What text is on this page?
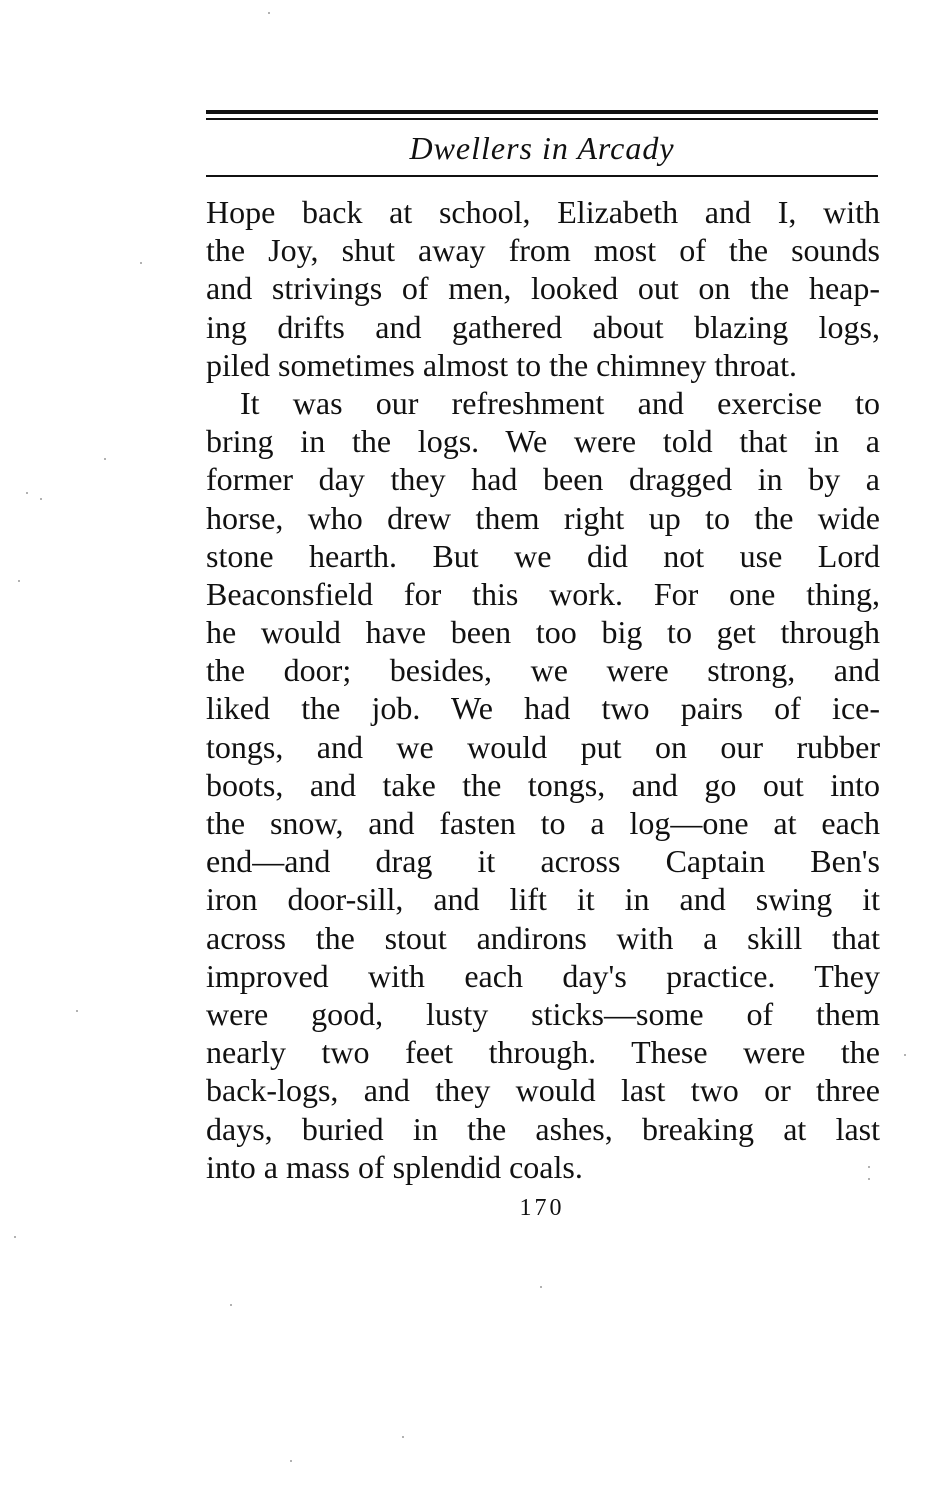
Dwellers in Arcady
Hope back at school, Elizabeth and I, with
the Joy, shut away from most of the sounds
and strivings of men, looked out on the heap-
ing drifts and gathered about blazing logs,
piled sometimes almost to the chimney throat.
It was our refreshment and exercise to
bring in the logs. We were told that in a
former day they had been dragged in by a
horse, who drew them right up to the wide
stone hearth. But we did not use Lord
Beaconsfield for this work. For one thing,
he would have been too big to get through
the door; besides, we were strong, and
liked the job. We had two pairs of ice-
tongs, and we would put on our rubber
boots, and take the tongs, and go out into
the snow, and fasten to a log—one at each
end—and drag it across Captain Ben's
iron door-sill, and lift it in and swing it
across the stout andirons with a skill that
improved with each day's practice. They
were good, lusty sticks—some of them
nearly two feet through. These were the
back-logs, and they would last two or three
days, buried in the ashes, breaking at last
into a mass of splendid coals.
170
